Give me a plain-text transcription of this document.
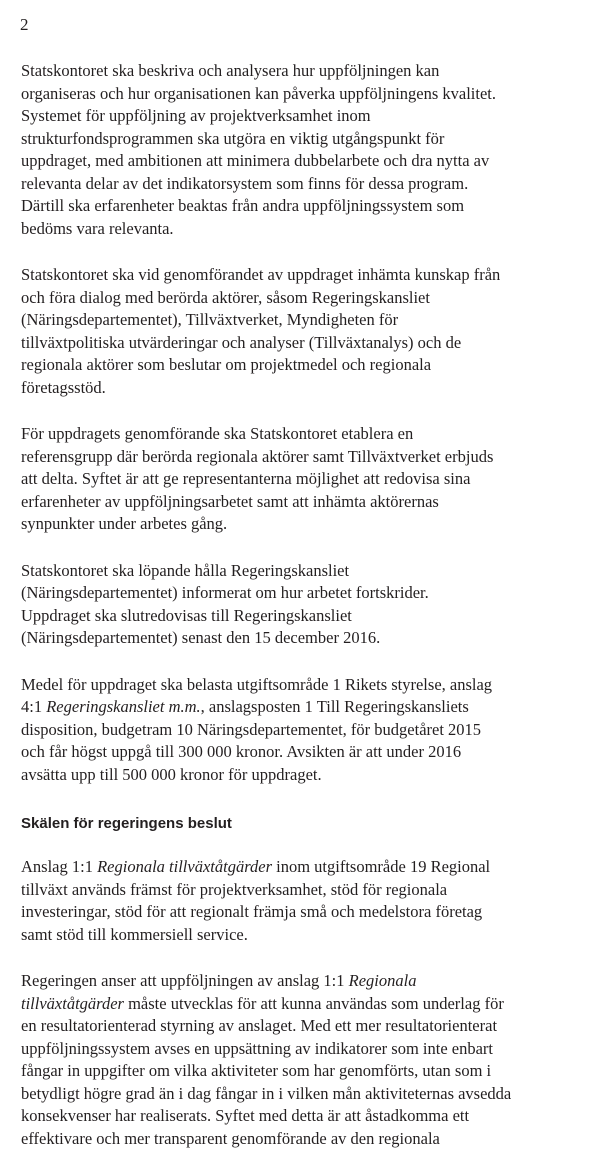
2

Statskontoret ska beskriva och analysera hur uppföljningen kan
organiseras och hur organisationen kan påverka uppföljningens kvalitet.
Systemet för uppföljning av projektverksamhet inom
strukturfondsprogrammen ska utgöra en viktig utgångspunkt för
uppdraget, med ambitionen att minimera dubbelarbete och dra nytta av
relevanta delar av det indikatorsystem som finns för dessa program.
Därtill ska erfarenheter beaktas från andra uppföljningssystem som
bedöms vara relevanta.

Statskontoret ska vid genomförandet av uppdraget inhämta kunskap från
och föra dialog med berörda aktörer, såsom Regeringskansliet
(Näringsdepartementet), Tillväxtverket, Myndigheten för
tillväxtpolitiska utvärderingar och analyser (Tillväxtanalys) och de
regionala aktörer som beslutar om projektmedel och regionala
företagsstöd.

För uppdragets genomförande ska Statskontoret etablera en
referensgrupp där berörda regionala aktörer samt Tillväxtverket erbjuds
att delta. Syftet är att ge representanterna möjlighet att redovisa sina
erfarenheter av uppföljningsarbetet samt att inhämta aktörernas
synpunkter under arbetes gång.

Statskontoret ska löpande hålla Regeringskansliet
(Näringsdepartementet) informerat om hur arbetet fortskrider.
Uppdraget ska slutredovisas till Regeringskansliet
(Näringsdepartementet) senast den 15 december 2016.

Medel för uppdraget ska belasta utgiftsområde 1 Rikets styrelse, anslag
4:1 Regeringskansliet m.m., anslagsposten 1 Till Regeringskansliets
disposition, budgetram 10 Näringsdepartementet, för budgetåret 2015
och får högst uppgå till 300 000 kronor. Avsikten är att under 2016
avsätta upp till 500 000 kronor för uppdraget.

Skälen för regeringens beslut

Anslag 1:1 Regionala tillväxtåtgärder inom utgiftsområde 19 Regional
tillväxt används främst för projektverksamhet, stöd för regionala
investeringar, stöd för att regionalt främja små och medelstora företag
samt stöd till kommersiell service.

Regeringen anser att uppföljningen av anslag 1:1 Regionala
tillväxtåtgärder måste utvecklas för att kunna användas som underlag för
en resultatorienterad styrning av anslaget. Med ett mer resultatorienterat
uppföljningssystem avses en uppsättning av indikatorer som inte enbart
fångar in uppgifter om vilka aktiviteter som har genomförts, utan som i
betydligt högre grad än i dag fångar in i vilken mån aktiviteternas avsedda
konsekvenser har realiserats. Syftet med detta är att åstadkomma ett
effektivare och mer transparent genomförande av den regionala
